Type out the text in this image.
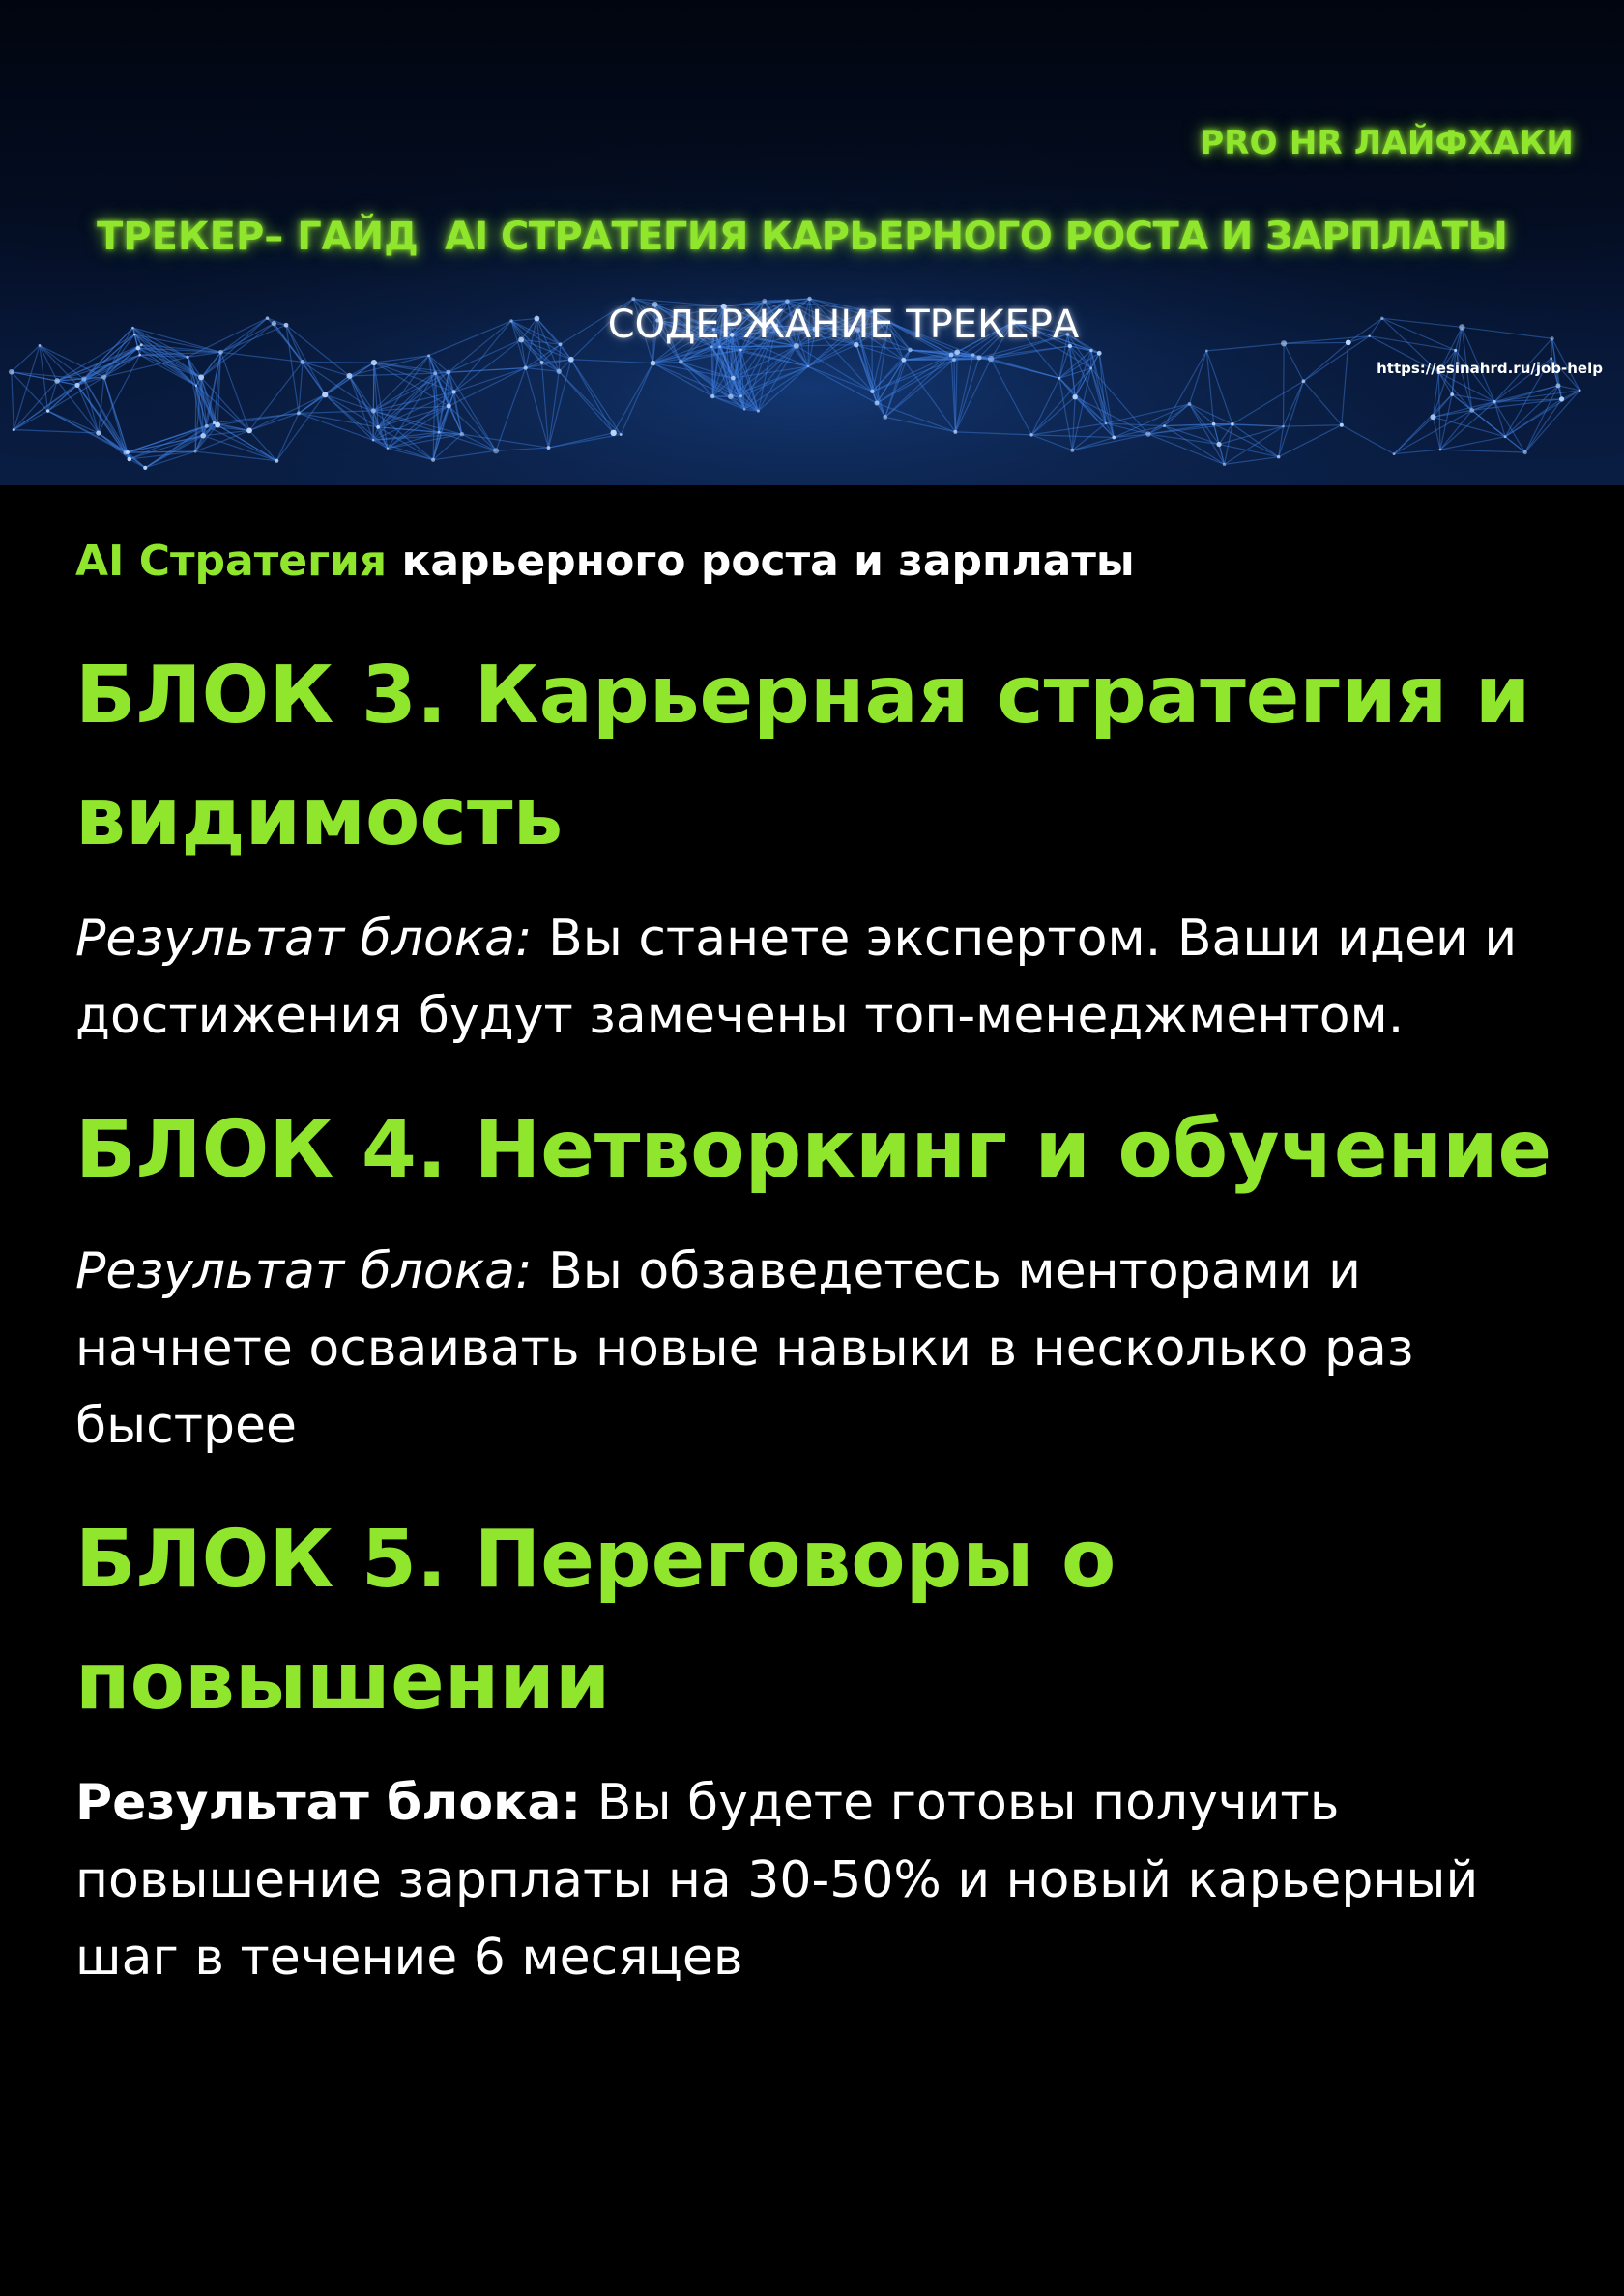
PRO HR ЛАЙФХАКИ
ТРЕКЕР– ГАЙД AI СТРАТЕГИЯ КАРЬЕРНОГО РОСТА И ЗАРПЛАТЫ
СОДЕРЖАНИЕ ТРЕКЕРА
https://esinahrd.ru/job-help

AI Стратегия карьерного роста и зарплаты

БЛОК 3. Карьерная стратегия и видимость

Результат блока: Вы станете экспертом. Ваши идеи и достижения будут замечены топ-менеджментом.

БЛОК 4. Нетворкинг и обучение

Результат блока: Вы обзаведетесь менторами и начнете осваивать новые навыки в несколько раз быстрее

БЛОК 5. Переговоры о повышении

Результат блока: Вы будете готовы получить повышение зарплаты на 30-50% и новый карьерный шаг в течение 6 месяцев
